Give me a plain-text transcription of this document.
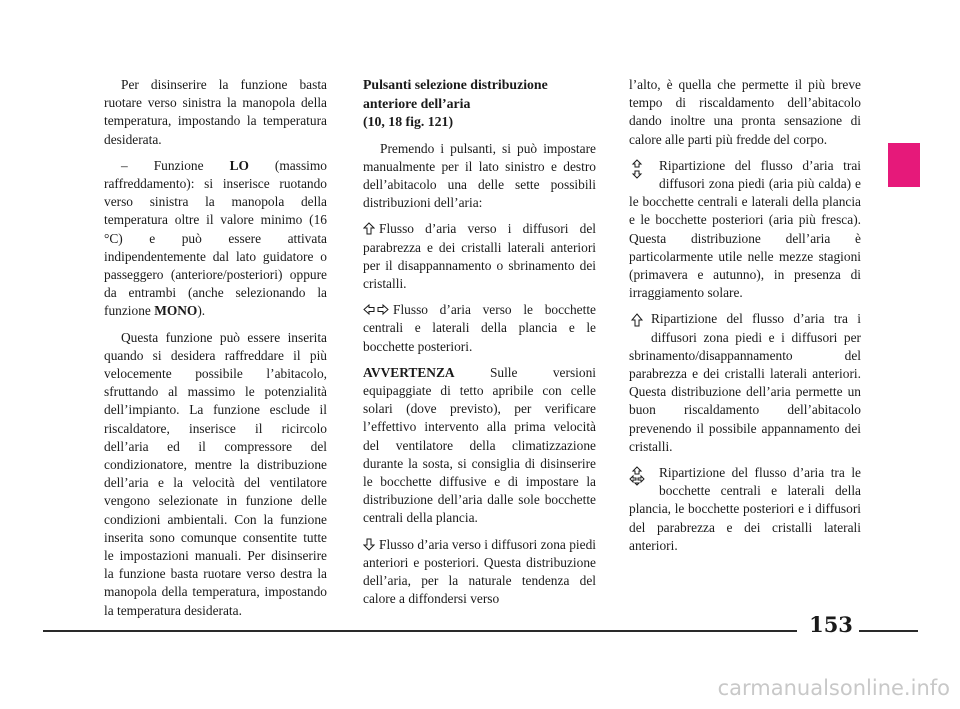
Per disinserire la funzione basta ruotare verso sinistra la manopola della temperatura, impostando la temperatura desiderata.

– Funzione LO (massimo raffreddamento): si inserisce ruotando verso sinistra la manopola della temperatura oltre il valore minimo (16 °C) e può essere attivata indipendentemente dal lato guidatore o passeggero (anteriore/posteriori) oppure da entrambi (anche selezionando la funzione MONO).

Questa funzione può essere inserita quando si desidera raffreddare il più velocemente possibile l’abitacolo, sfruttando al massimo le potenzialità dell’impianto. La funzione esclude il riscaldatore, inserisce il ricircolo dell’aria ed il compressore del condizionatore, mentre la distribuzione dell’aria e la velocità del ventilatore vengono selezionate in funzione delle condizioni ambientali. Con la funzione inserita sono comunque consentite tutte le impostazioni manuali. Per disinserire la funzione basta ruotare verso destra la manopola della temperatura, impostando la temperatura desiderata.

Pulsanti selezione distribuzione
anteriore dell’aria
(10, 18 fig. 121)

Premendo i pulsanti, si può impostare manualmente per il lato sinistro e destro dell’abitacolo una delle sette possibili distribuzioni dell’aria:

Flusso d’aria verso i diffusori del parabrezza e dei cristalli laterali anteriori per il disappannamento o sbrinamento dei cristalli.

Flusso d’aria verso le bocchette centrali e laterali della plancia e le bocchette posteriori.

AVVERTENZA Sulle versioni equipaggiate di tetto apribile con celle solari (dove previsto), per verificare l’effettivo intervento alla prima velocità del ventilatore della climatizzazione durante la sosta, si consiglia di disinserire le bocchette diffusive e di impostare la distribuzione dell’aria dalle sole bocchette centrali della plancia.

Flusso d’aria verso i diffusori zona piedi anteriori e posteriori. Questa distribuzione dell’aria, per la naturale tendenza del calore a diffondersi verso

l’alto, è quella che permette il più breve tempo di riscaldamento dell’abitacolo dando inoltre una pronta sensazione di calore alle parti più fredde del corpo.

Ripartizione del flusso d’aria trai diffusori zona piedi (aria più calda) e le bocchette centrali e laterali della plancia e le bocchette posteriori (aria più fresca). Questa distribuzione dell’aria è particolarmente utile nelle mezze stagioni (primavera e autunno), in presenza di irraggiamento solare.

Ripartizione del flusso d’aria tra i diffusori zona piedi e i diffusori per sbrinamento/disappannamento del parabrezza e dei cristalli laterali anteriori. Questa distribuzione dell’aria permette un buon riscaldamento dell’abitacolo prevenendo il possibile appannamento dei cristalli.

Ripartizione del flusso d’aria tra le bocchette centrali e laterali della plancia, le bocchette posteriori e i diffusori del parabrezza e dei cristalli laterali anteriori.

153
carmanualsonline.info
